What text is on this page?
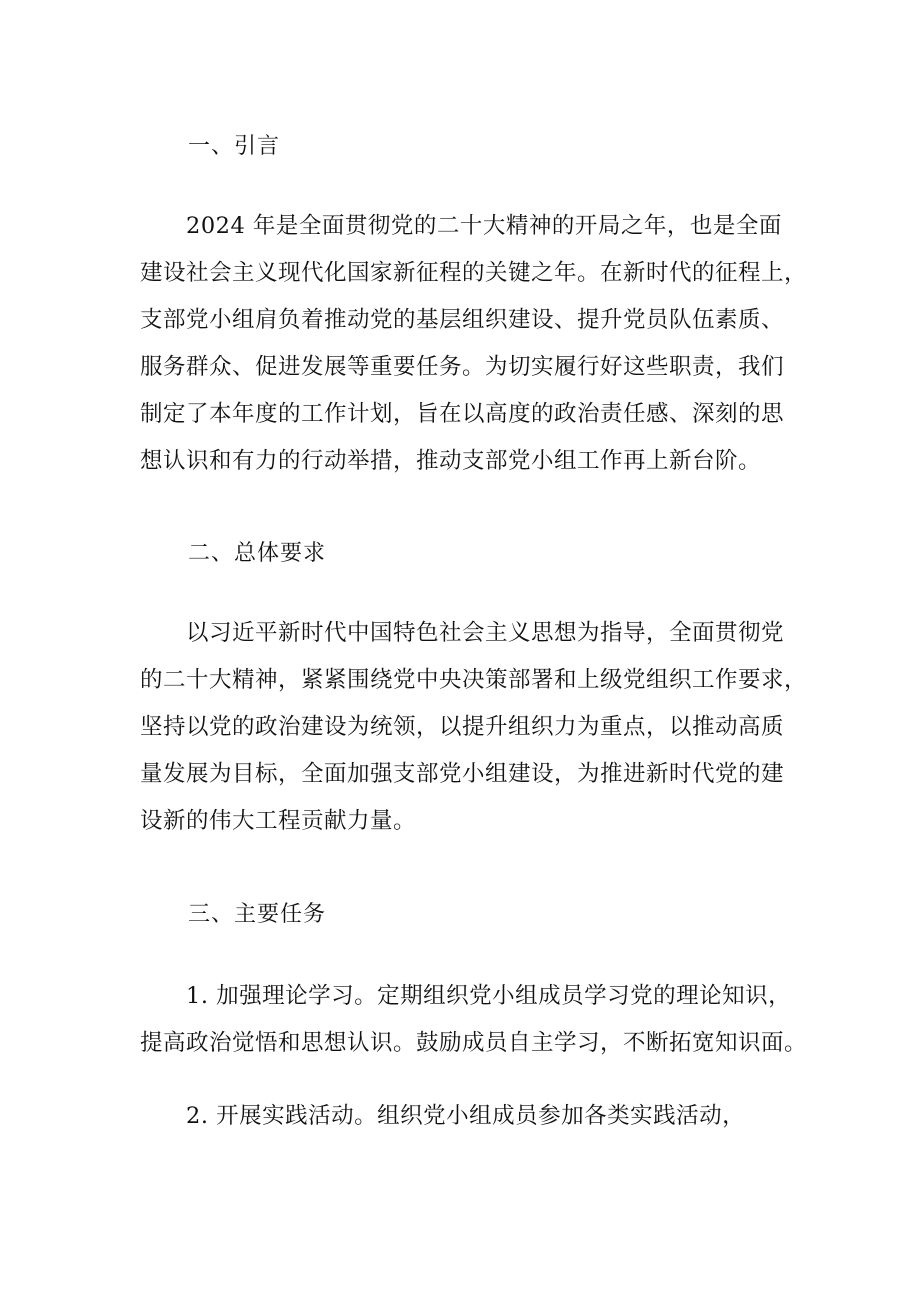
一、引言
2024 年是全面贯彻党的二十大精神的开局之年，也是全面
建设社会主义现代化国家新征程的关键之年。在新时代的征程上，
支部党小组肩负着推动党的基层组织建设、提升党员队伍素质、
服务群众、促进发展等重要任务。为切实履行好这些职责，我们
制定了本年度的工作计划，旨在以高度的政治责任感、深刻的思
想认识和有力的行动举措，推动支部党小组工作再上新台阶。
二、总体要求
以习近平新时代中国特色社会主义思想为指导，全面贯彻党
的二十大精神，紧紧围绕党中央决策部署和上级党组织工作要求，
坚持以党的政治建设为统领，以提升组织力为重点，以推动高质
量发展为目标，全面加强支部党小组建设，为推进新时代党的建
设新的伟大工程贡献力量。
三、主要任务
1. 加强理论学习。定期组织党小组成员学习党的理论知识，
提高政治觉悟和思想认识。鼓励成员自主学习，不断拓宽知识面。
2. 开展实践活动。组织党小组成员参加各类实践活动，
